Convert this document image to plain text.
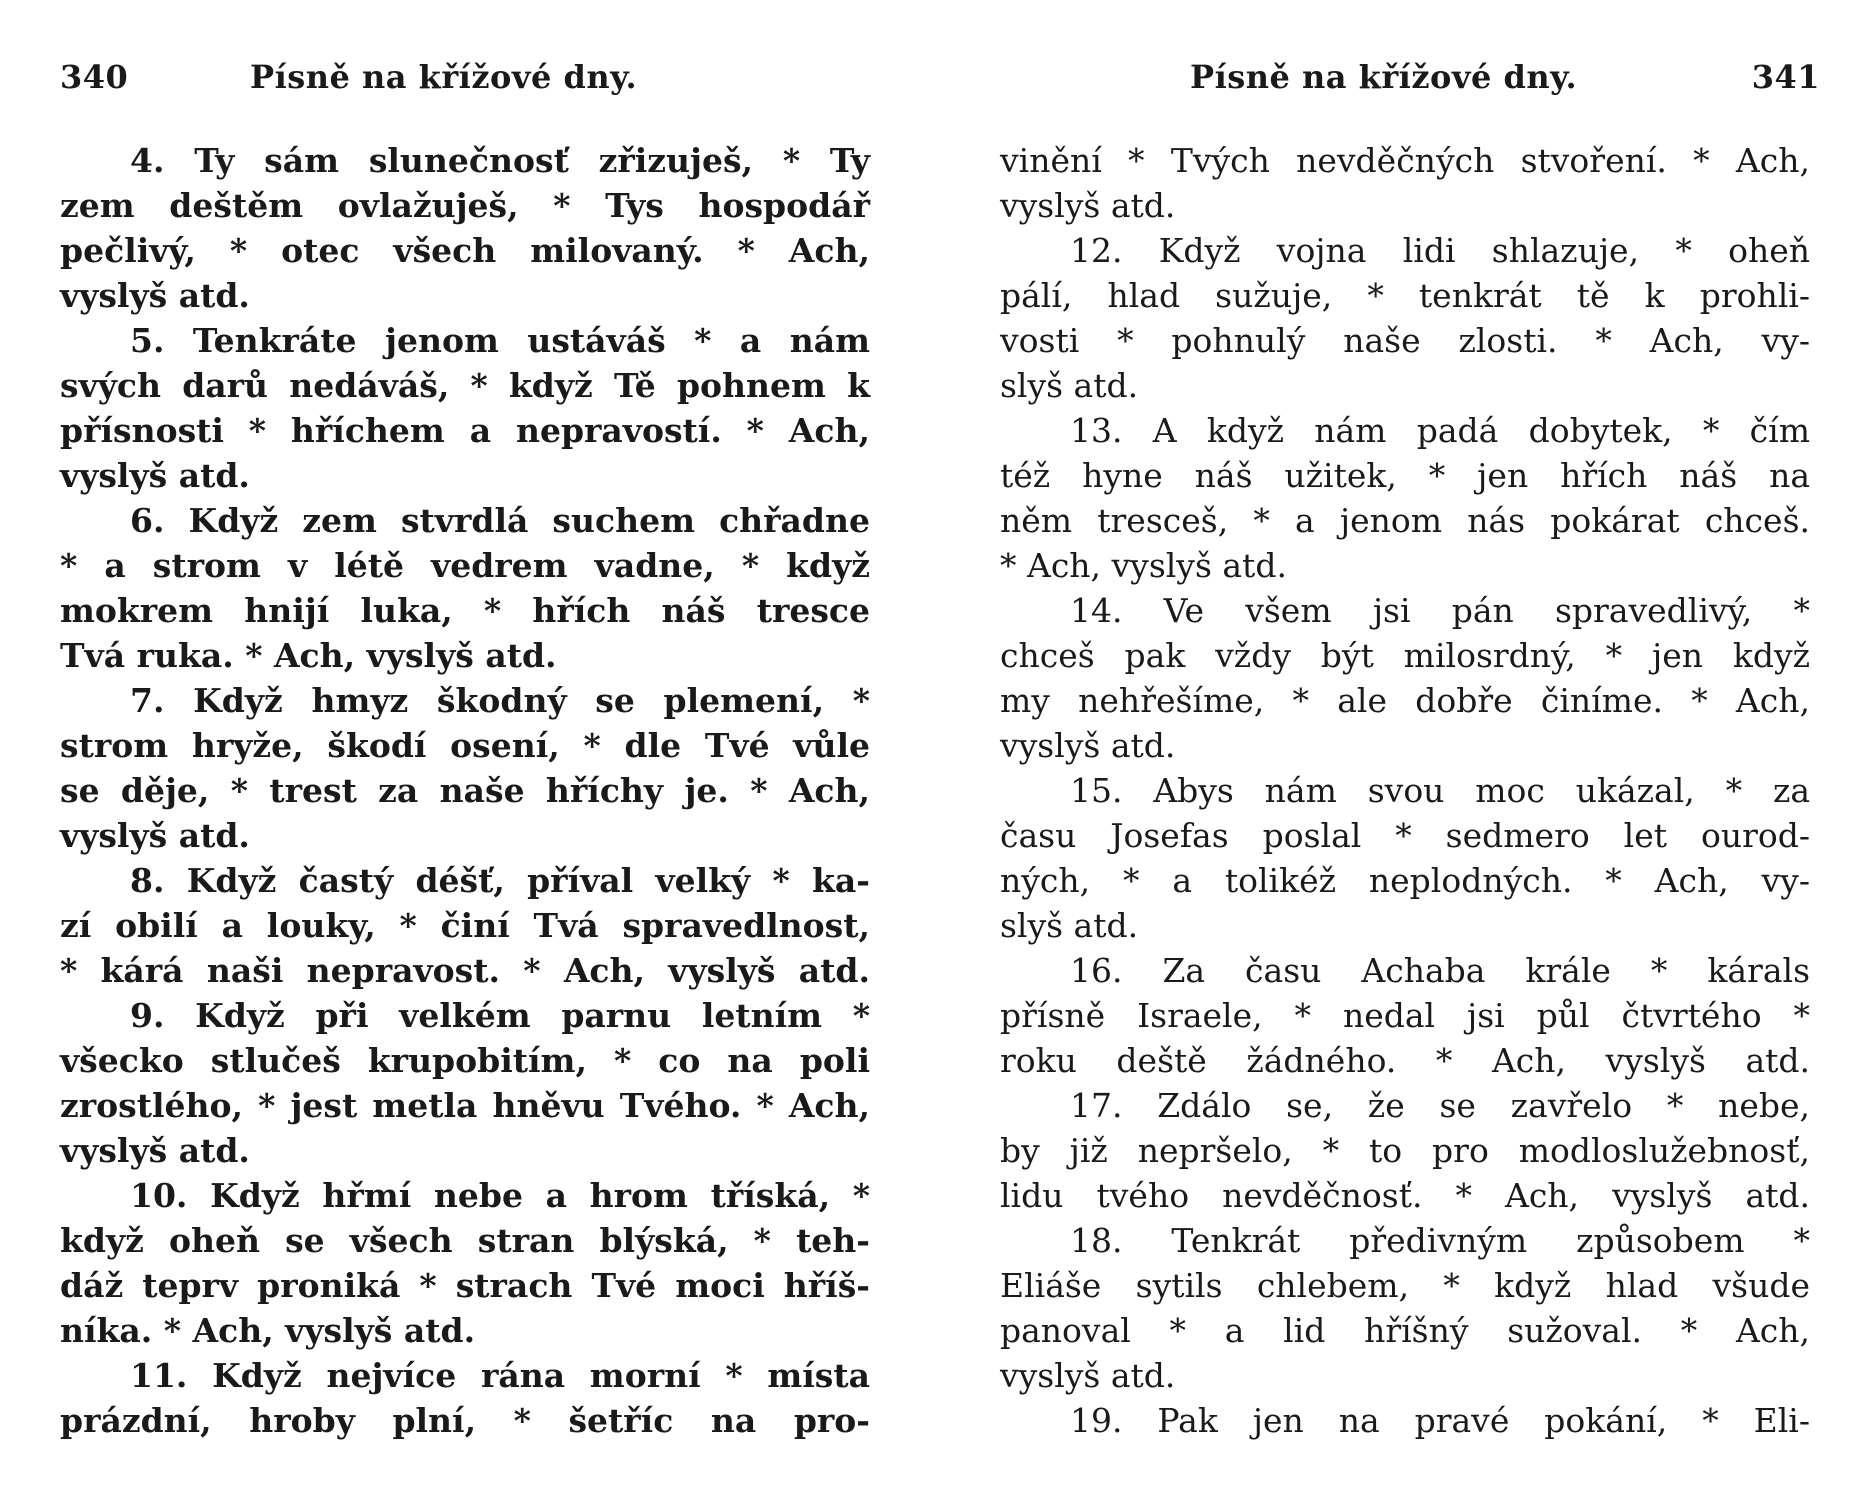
340	Písně na křížové dny.
4. Ty sám slunečnosť zřizuješ, * Ty
zem deštěm ovlažuješ, * Tys hospodář
pečlivý, * otec všech milovaný. * Ach,
vyslyš atd.
5. Tenkráte jenom ustáváš * a nám
svých darů nedáváš, * když Tě pohnem k
přísnosti * hříchem a nepravostí. * Ach,
vyslyš atd.
6. Když zem stvrdlá suchem chřadne
* a strom v létě vedrem vadne, * když
mokrem hnijí luka, * hřích náš tresce
Tvá ruka. * Ach, vyslyš atd.
7. Když hmyz škodný se plemení, *
strom hryže, škodí osení, * dle Tvé vůle
se děje, * trest za naše hříchy je. * Ach,
vyslyš atd.
8. Když častý déšť, příval velký * ka-
zí obilí a louky, * činí Tvá spravedlnost,
* kárá naši nepravost. * Ach, vyslyš atd.
9. Když při velkém parnu letním *
všecko stlučeš krupobitím, * co na poli
zrostlého, * jest metla hněvu Tvého. * Ach,
vyslyš atd.
10. Když hřmí nebe a hrom tříská, *
když oheň se všech stran blýská, * teh-
dáž teprv proniká * strach Tvé moci hříš-
níka. * Ach, vyslyš atd.
11. Když nejvíce rána morní * místa
prázdní, hroby plní, * šetříc na pro-
Písně na křížové dny.	341
vinění * Tvých nevděčných stvoření. * Ach,
vyslyš atd.
12. Když vojna lidi shlazuje, * oheň
pálí, hlad sužuje, * tenkrát tě k prohli-
vosti * pohnulý naše zlosti. * Ach, vy-
slyš atd.
13. A když nám padá dobytek, * čím
též hyne náš užitek, * jen hřích náš na
něm tresceš, * a jenom nás pokárat chceš.
* Ach, vyslyš atd.
14. Ve všem jsi pán spravedlivý, *
chceš pak vždy být milosrdný, * jen když
my nehřešíme, * ale dobře činíme. * Ach,
vyslyš atd.
15. Abys nám svou moc ukázal, * za
času Josefas poslal * sedmero let ourod-
ných, * a tolikéž neplodných. * Ach, vy-
slyš atd.
16. Za času Achaba krále * kárals
přísně Israele, * nedal jsi půl čtvrtého *
roku deště žádného. * Ach, vyslyš atd.
17. Zdálo se, že se zavřelo * nebe,
by již nepršelo, * to pro modloslužebnosť,
lidu tvého nevděčnosť. * Ach, vyslyš atd.
18. Tenkrát předivným způsobem *
Eliáše sytils chlebem, * když hlad všude
panoval * a lid hříšný sužoval. * Ach,
vyslyš atd.
19. Pak jen na pravé pokání, * Eli-
